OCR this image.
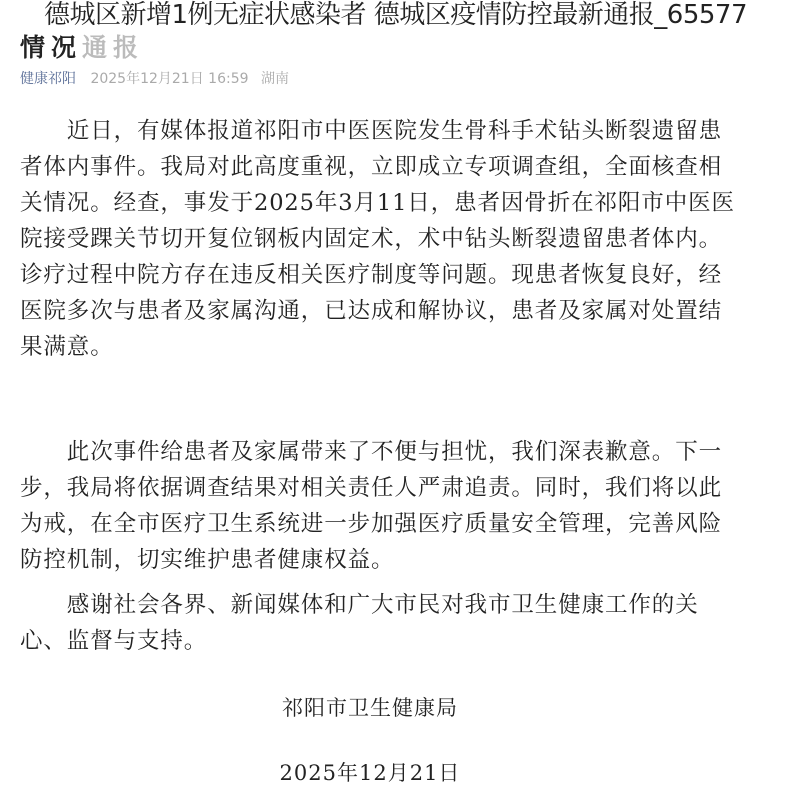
德城区新增1例无症状感染者 德城区疫情防控最新通报_65577
情况通报
健康祁阳 2025年12月21日 16:59 湖南
　　近日，有媒体报道祁阳市中医医院发生骨科手术钻头断裂遗留患
者体内事件。我局对此高度重视，立即成立专项调查组，全面核查相
关情况。经查，事发于2025年3月11日，患者因骨折在祁阳市中医医
院接受踝关节切开复位钢板内固定术，术中钻头断裂遗留患者体内。
诊疗过程中院方存在违反相关医疗制度等问题。现患者恢复良好，经
医院多次与患者及家属沟通，已达成和解协议，患者及家属对处置结
果满意。
　　此次事件给患者及家属带来了不便与担忧，我们深表歉意。下一
步，我局将依据调查结果对相关责任人严肃追责。同时，我们将以此
为戒，在全市医疗卫生系统进一步加强医疗质量安全管理，完善风险
防控机制，切实维护患者健康权益。
　　感谢社会各界、新闻媒体和广大市民对我市卫生健康工作的关
心、监督与支持。
祁阳市卫生健康局
2025年12月21日
